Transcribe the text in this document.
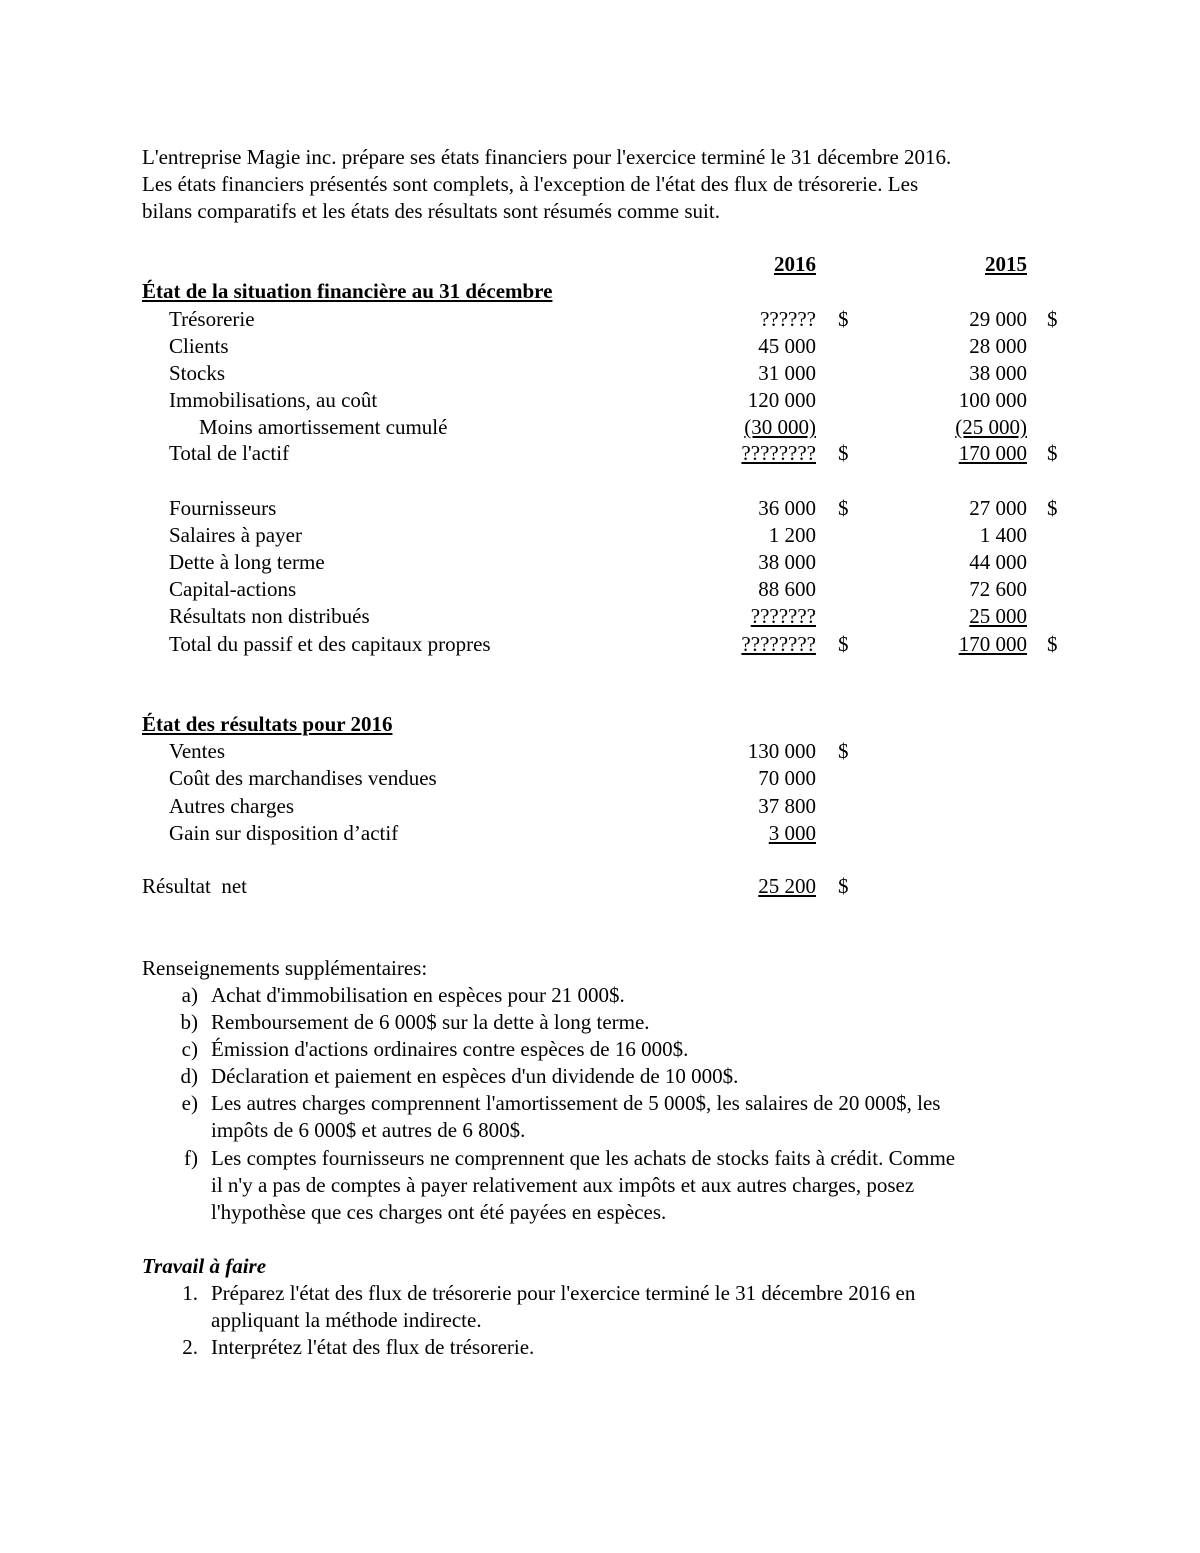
L'entreprise Magie inc. prépare ses états financiers pour l'exercice terminé le 31 décembre 2016.
Les états financiers présentés sont complets, à l'exception de l'état des flux de trésorerie. Les
bilans comparatifs et les états des résultats sont résumés comme suit.
2016	2015
État de la situation financière au 31 décembre
Trésorerie	?????? $	29 000 $
Clients	45 000	28 000
Stocks	31 000	38 000
Immobilisations, au coût	120 000	100 000
Moins amortissement cumulé	(30 000)	(25 000)
Total de l'actif	???????? $	170 000 $
Fournisseurs	36 000 $	27 000 $
Salaires à payer	1 200	1 400
Dette à long terme	38 000	44 000
Capital-actions	88 600	72 600
Résultats non distribués	???????	25 000
Total du passif et des capitaux propres	???????? $	170 000 $
État des résultats pour 2016
Ventes	130 000 $
Coût des marchandises vendues	70 000
Autres charges	37 800
Gain sur disposition d’actif	3 000
Résultat  net	25 200 $
Renseignements supplémentaires:
a) Achat d'immobilisation en espèces pour 21 000$.
b) Remboursement de 6 000$ sur la dette à long terme.
c) Émission d'actions ordinaires contre espèces de 16 000$.
d) Déclaration et paiement en espèces d'un dividende de 10 000$.
e) Les autres charges comprennent l'amortissement de 5 000$, les salaires de 20 000$, les
impôts de 6 000$ et autres de 6 800$.
f) Les comptes fournisseurs ne comprennent que les achats de stocks faits à crédit. Comme
il n'y a pas de comptes à payer relativement aux impôts et aux autres charges, posez
l'hypothèse que ces charges ont été payées en espèces.
Travail à faire
1. Préparez l'état des flux de trésorerie pour l'exercice terminé le 31 décembre 2016 en
appliquant la méthode indirecte.
2. Interprétez l'état des flux de trésorerie.
